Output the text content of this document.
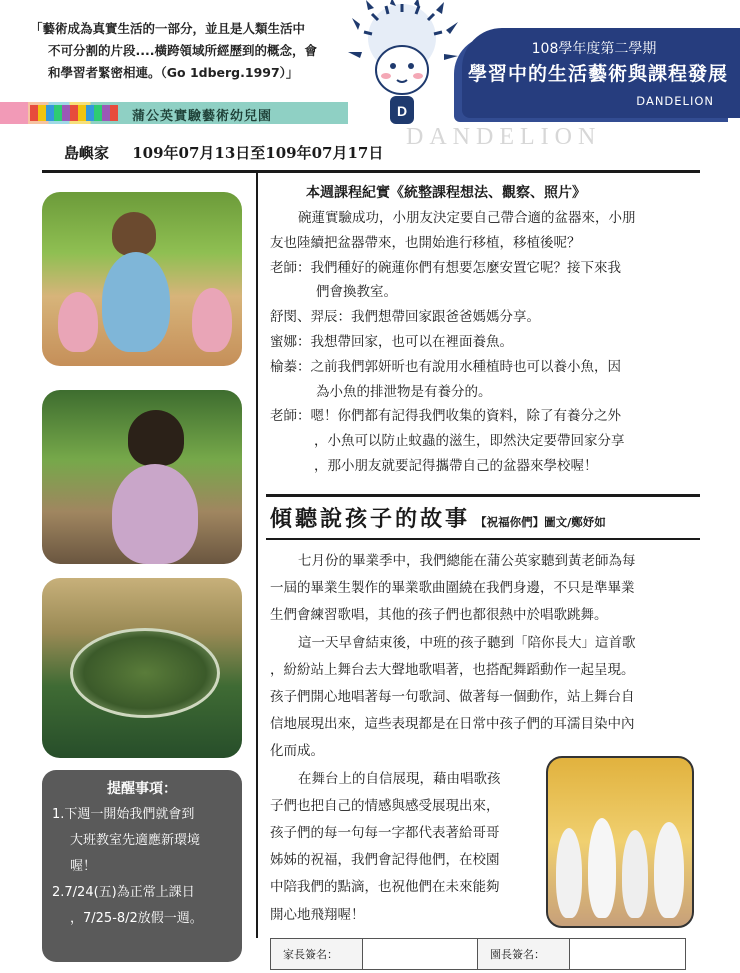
「藝術成為真實生活的一部分，並且是人類生活中
不可分割的片段....橫跨領域所經歷到的概念，會
和學習者緊密相連。（Go 1dberg.1997）」
108學年度第二學期
學習中的生活藝術與課程發展
DANDELION
D
蒲公英實驗藝術幼兒園
DANDELION
島嶼家 109年07月13日至109年07月17日
提醒事項：
1.下週一開始我們就會到
大班教室先適應新環境
喔！
2.7/24(五)為正常上課日
，7/25-8/2放假一週。
本週課程紀實《統整課程想法、觀察、照片》
碗蓮實驗成功，小朋友決定要自己帶合適的盆器來，小朋
友也陸續把盆器帶來，也開始進行移植，移植後呢？
老師：我們種好的碗蓮你們有想要怎麼安置它呢？接下來我
們會換教室。
舒閔、羿辰：我們想帶回家跟爸爸媽媽分享。
蜜娜：我想帶回家，也可以在裡面養魚。
榆蓁：之前我們郭妍昕也有說用水種植時也可以養小魚，因
為小魚的排泄物是有養分的。
老師：嗯！你們都有記得我們收集的資料，除了有養分之外
，小魚可以防止蚊蟲的滋生，即然決定要帶回家分享
，那小朋友就要記得攜帶自己的盆器來學校喔！
傾聽說孩子的故事 【祝福你們】圖文/鄭妤如
七月份的畢業季中，我們總能在蒲公英家聽到黃老師為每
一屆的畢業生製作的畢業歌曲圍繞在我們身邊，不只是準畢業
生們會練習歌唱，其他的孩子們也都很熱中於唱歌跳舞。
這一天早會結束後，中班的孩子聽到「陪你長大」這首歌
，紛紛站上舞台去大聲地歌唱著，也搭配舞蹈動作一起呈現。
孩子們開心地唱著每一句歌詞、做著每一個動作，站上舞台自
信地展現出來，這些表現都是在日常中孩子們的耳濡目染中內
化而成。
在舞台上的自信展現，藉由唱歌孩
子們也把自己的情感與感受展現出來，
孩子們的每一句每一字都代表著給哥哥
姊姊的祝福，我們會記得他們，在校園
中陪我們的點滴，也祝他們在未來能夠
開心地飛翔喔！
家長簽名：	園長簽名：
